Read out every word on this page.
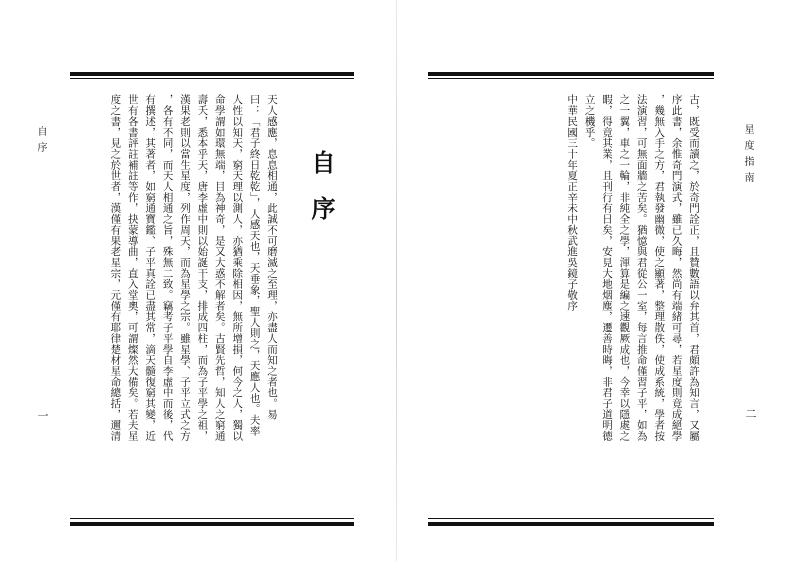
自序
一
自序
天人感應，息息相通，此誠不可磨滅之至理，亦盡人而知之者也。易
曰：「君子終日乾乾」，人感天也，天垂象，聖人則之，天應人也。夫率
人性以知天，窮天理以測人，亦猶乘除相因，無所增損，何今之人，獨以
命學謂如環無端，目為神奇，是又大惑不解者矣。古賢先哲，知人之窮通
壽夭，悉本乎天，唐李虛中則以始誕干支，排成四柱，而為子平學之祖，
漢果老則以當生星度，列作周天，而為星學之宗。雖星學、子平立式之方
，各有不同，而天人相通之旨，殊無二致。竊考子平學自李虛中而後，代
有撰述，其著者，如窮通寶鑑、子平真詮已盡其常，滴天髓復窮其變，近
世有各書評註補註等作，抉蒙導曲，直入堂奧，可謂燦然大備矣。若夫星
度之書，見之於世者，漢僅有果老星宗，元僅有耶律楚材星命總括，邇清	古，既受而讀之，於奇門詮正，且贊數語以弁其首，君頗許為知言，又屬
序此書，余惟奇門演式，雖已久晦，然尚有端緒可尋，若星度則竟成絕學
，幾無入手之方，君執發幽微，使之顯著，整理散佚，使成系統，學者按
法演習，可無面牆之苦矣。猶憶與君從公一室，每言推命僅習子平，如為
之一翼，車之一輪，非純全之學，渾算是編之速觀厥成也，今幸以隱處之
暇，得竟其業，且刊行有日矣，安見大地烟塵，遷善時晦，非君子道明德
立之機乎。
中華民國三十年夏正辛未中秋武進吳鏡子敬序	星度指南
二
